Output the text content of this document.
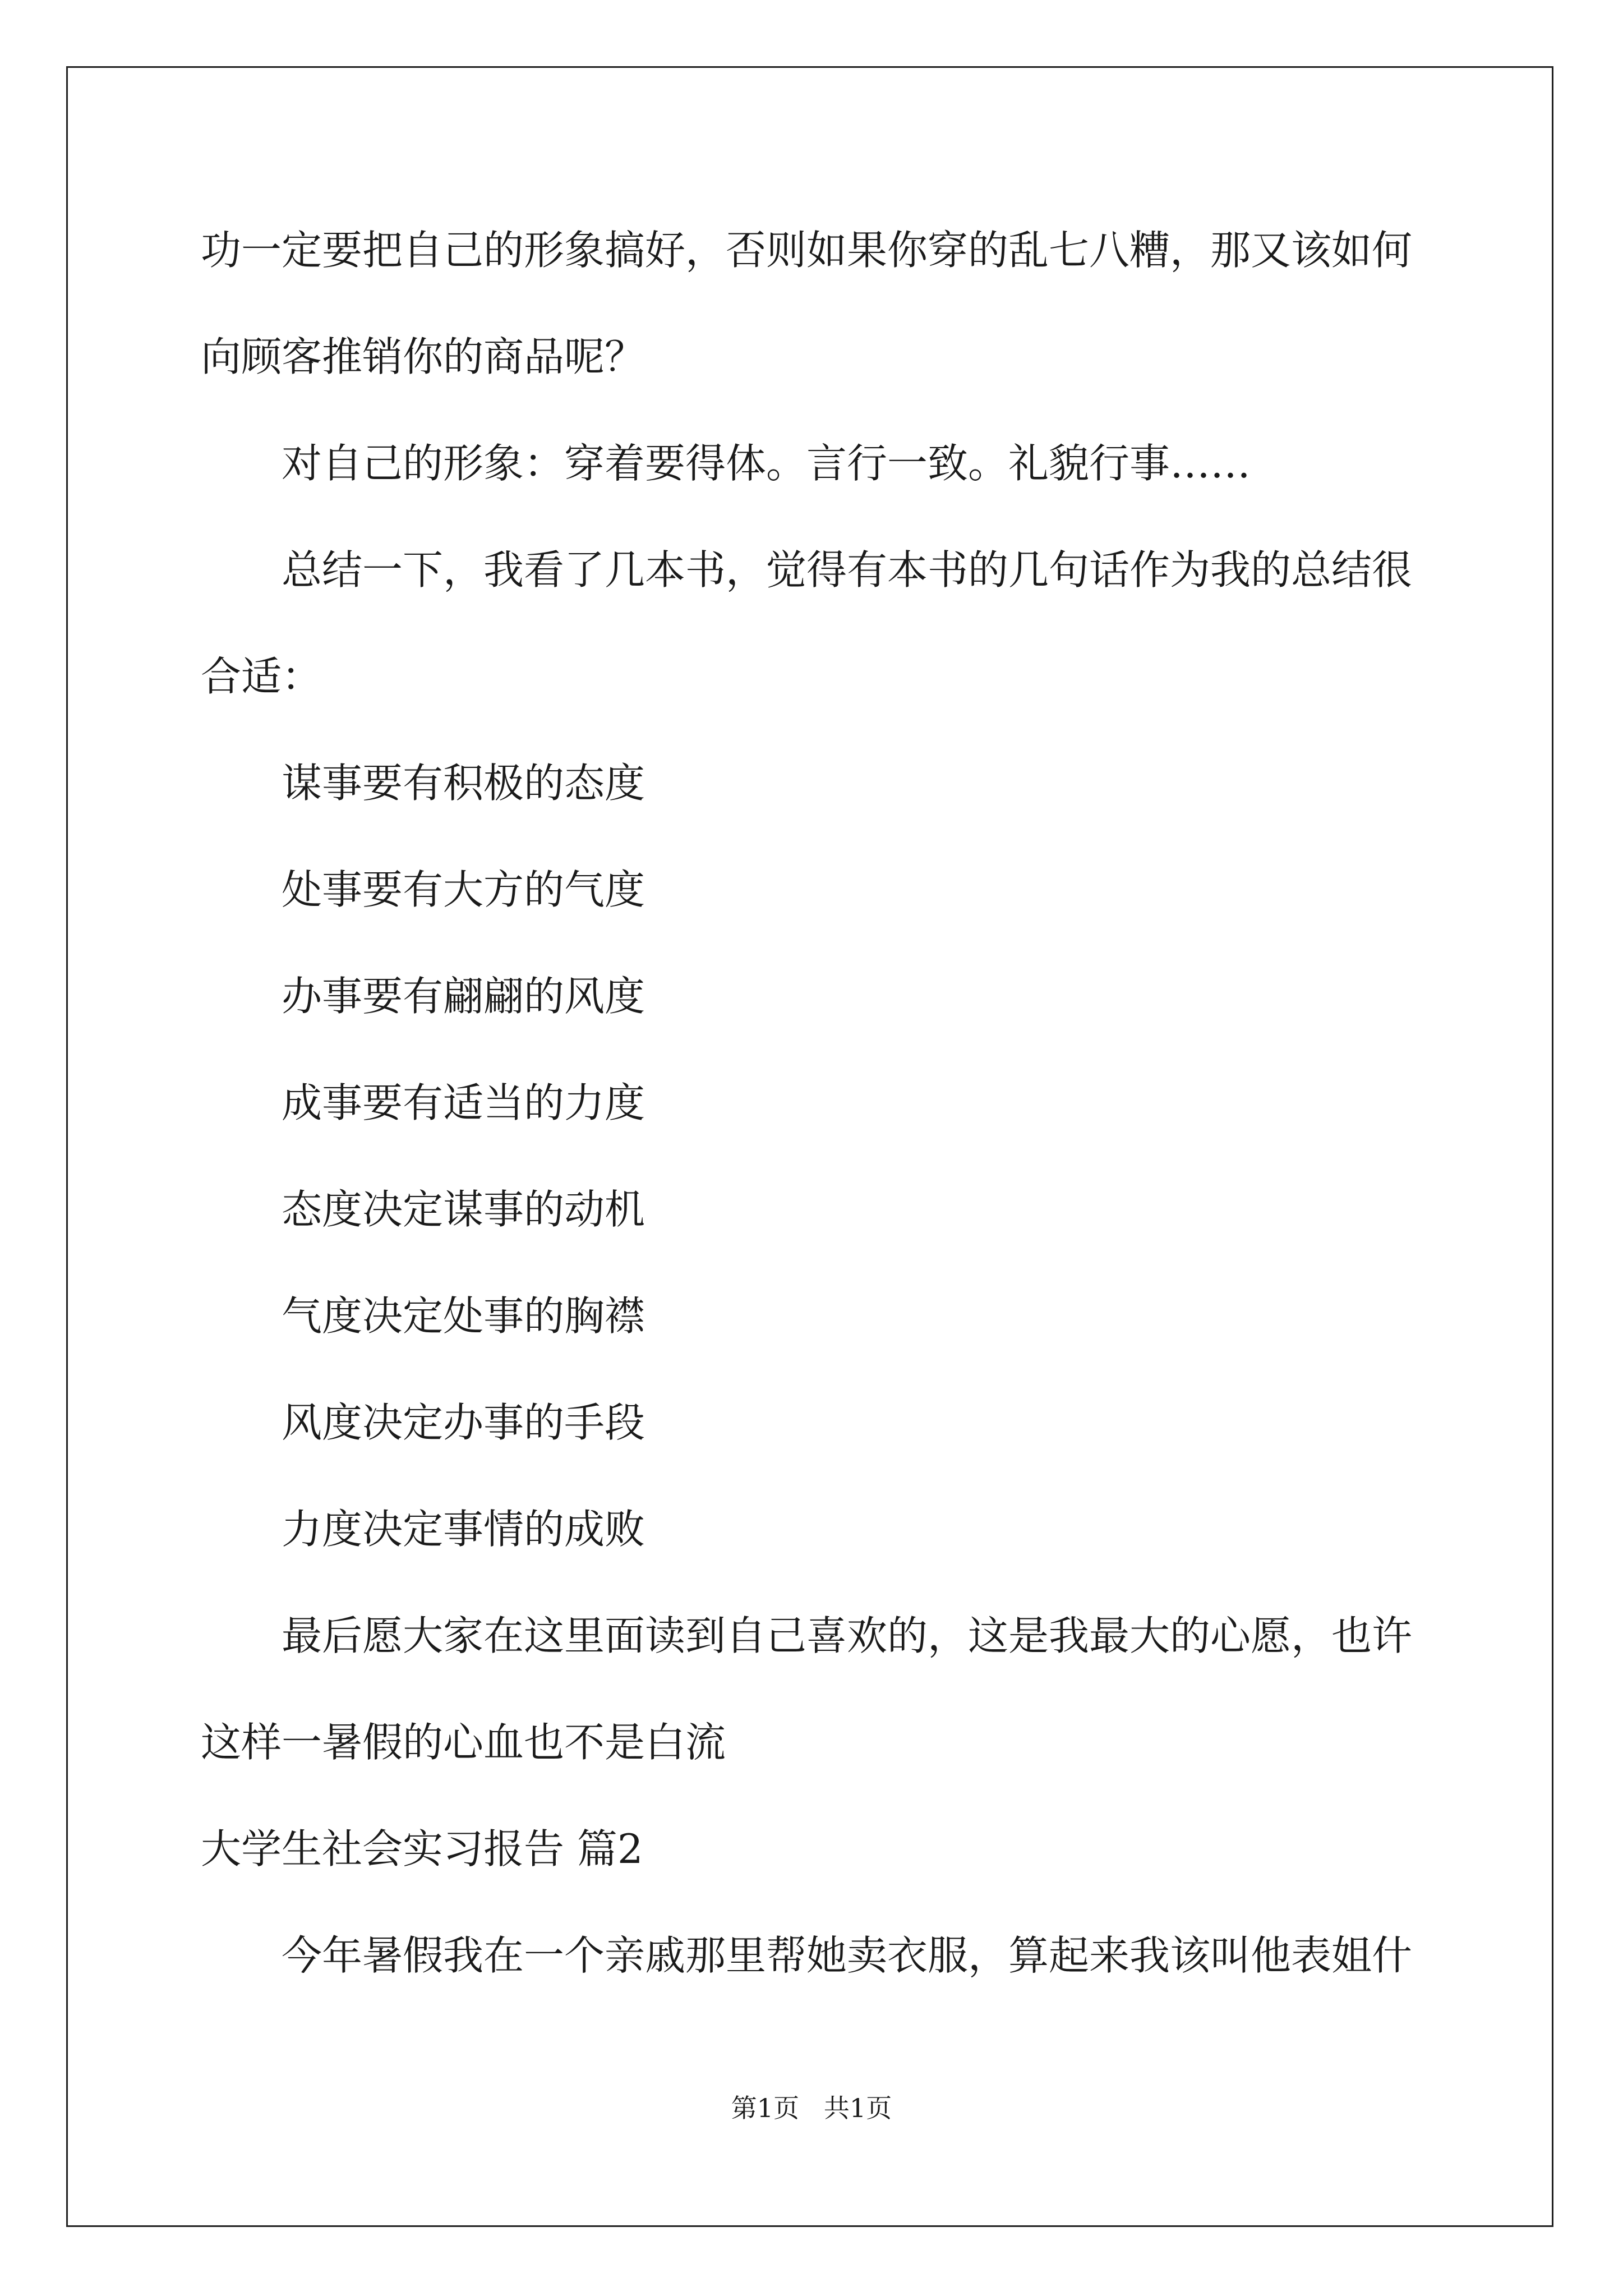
功一定要把自己的形象搞好，否则如果你穿的乱七八糟，那又该如何
向顾客推销你的商品呢？
对自己的形象：穿着要得体。言行一致。礼貌行事……
总结一下，我看了几本书，觉得有本书的几句话作为我的总结很
合适：
谋事要有积极的态度
处事要有大方的气度
办事要有翩翩的风度
成事要有适当的力度
态度决定谋事的动机
气度决定处事的胸襟
风度决定办事的手段
力度决定事情的成败
最后愿大家在这里面读到自己喜欢的，这是我最大的心愿，也许
这样一暑假的心血也不是白流
大学生社会实习报告 篇2
今年暑假我在一个亲戚那里帮她卖衣服，算起来我该叫他表姐什
第1页   共1页
